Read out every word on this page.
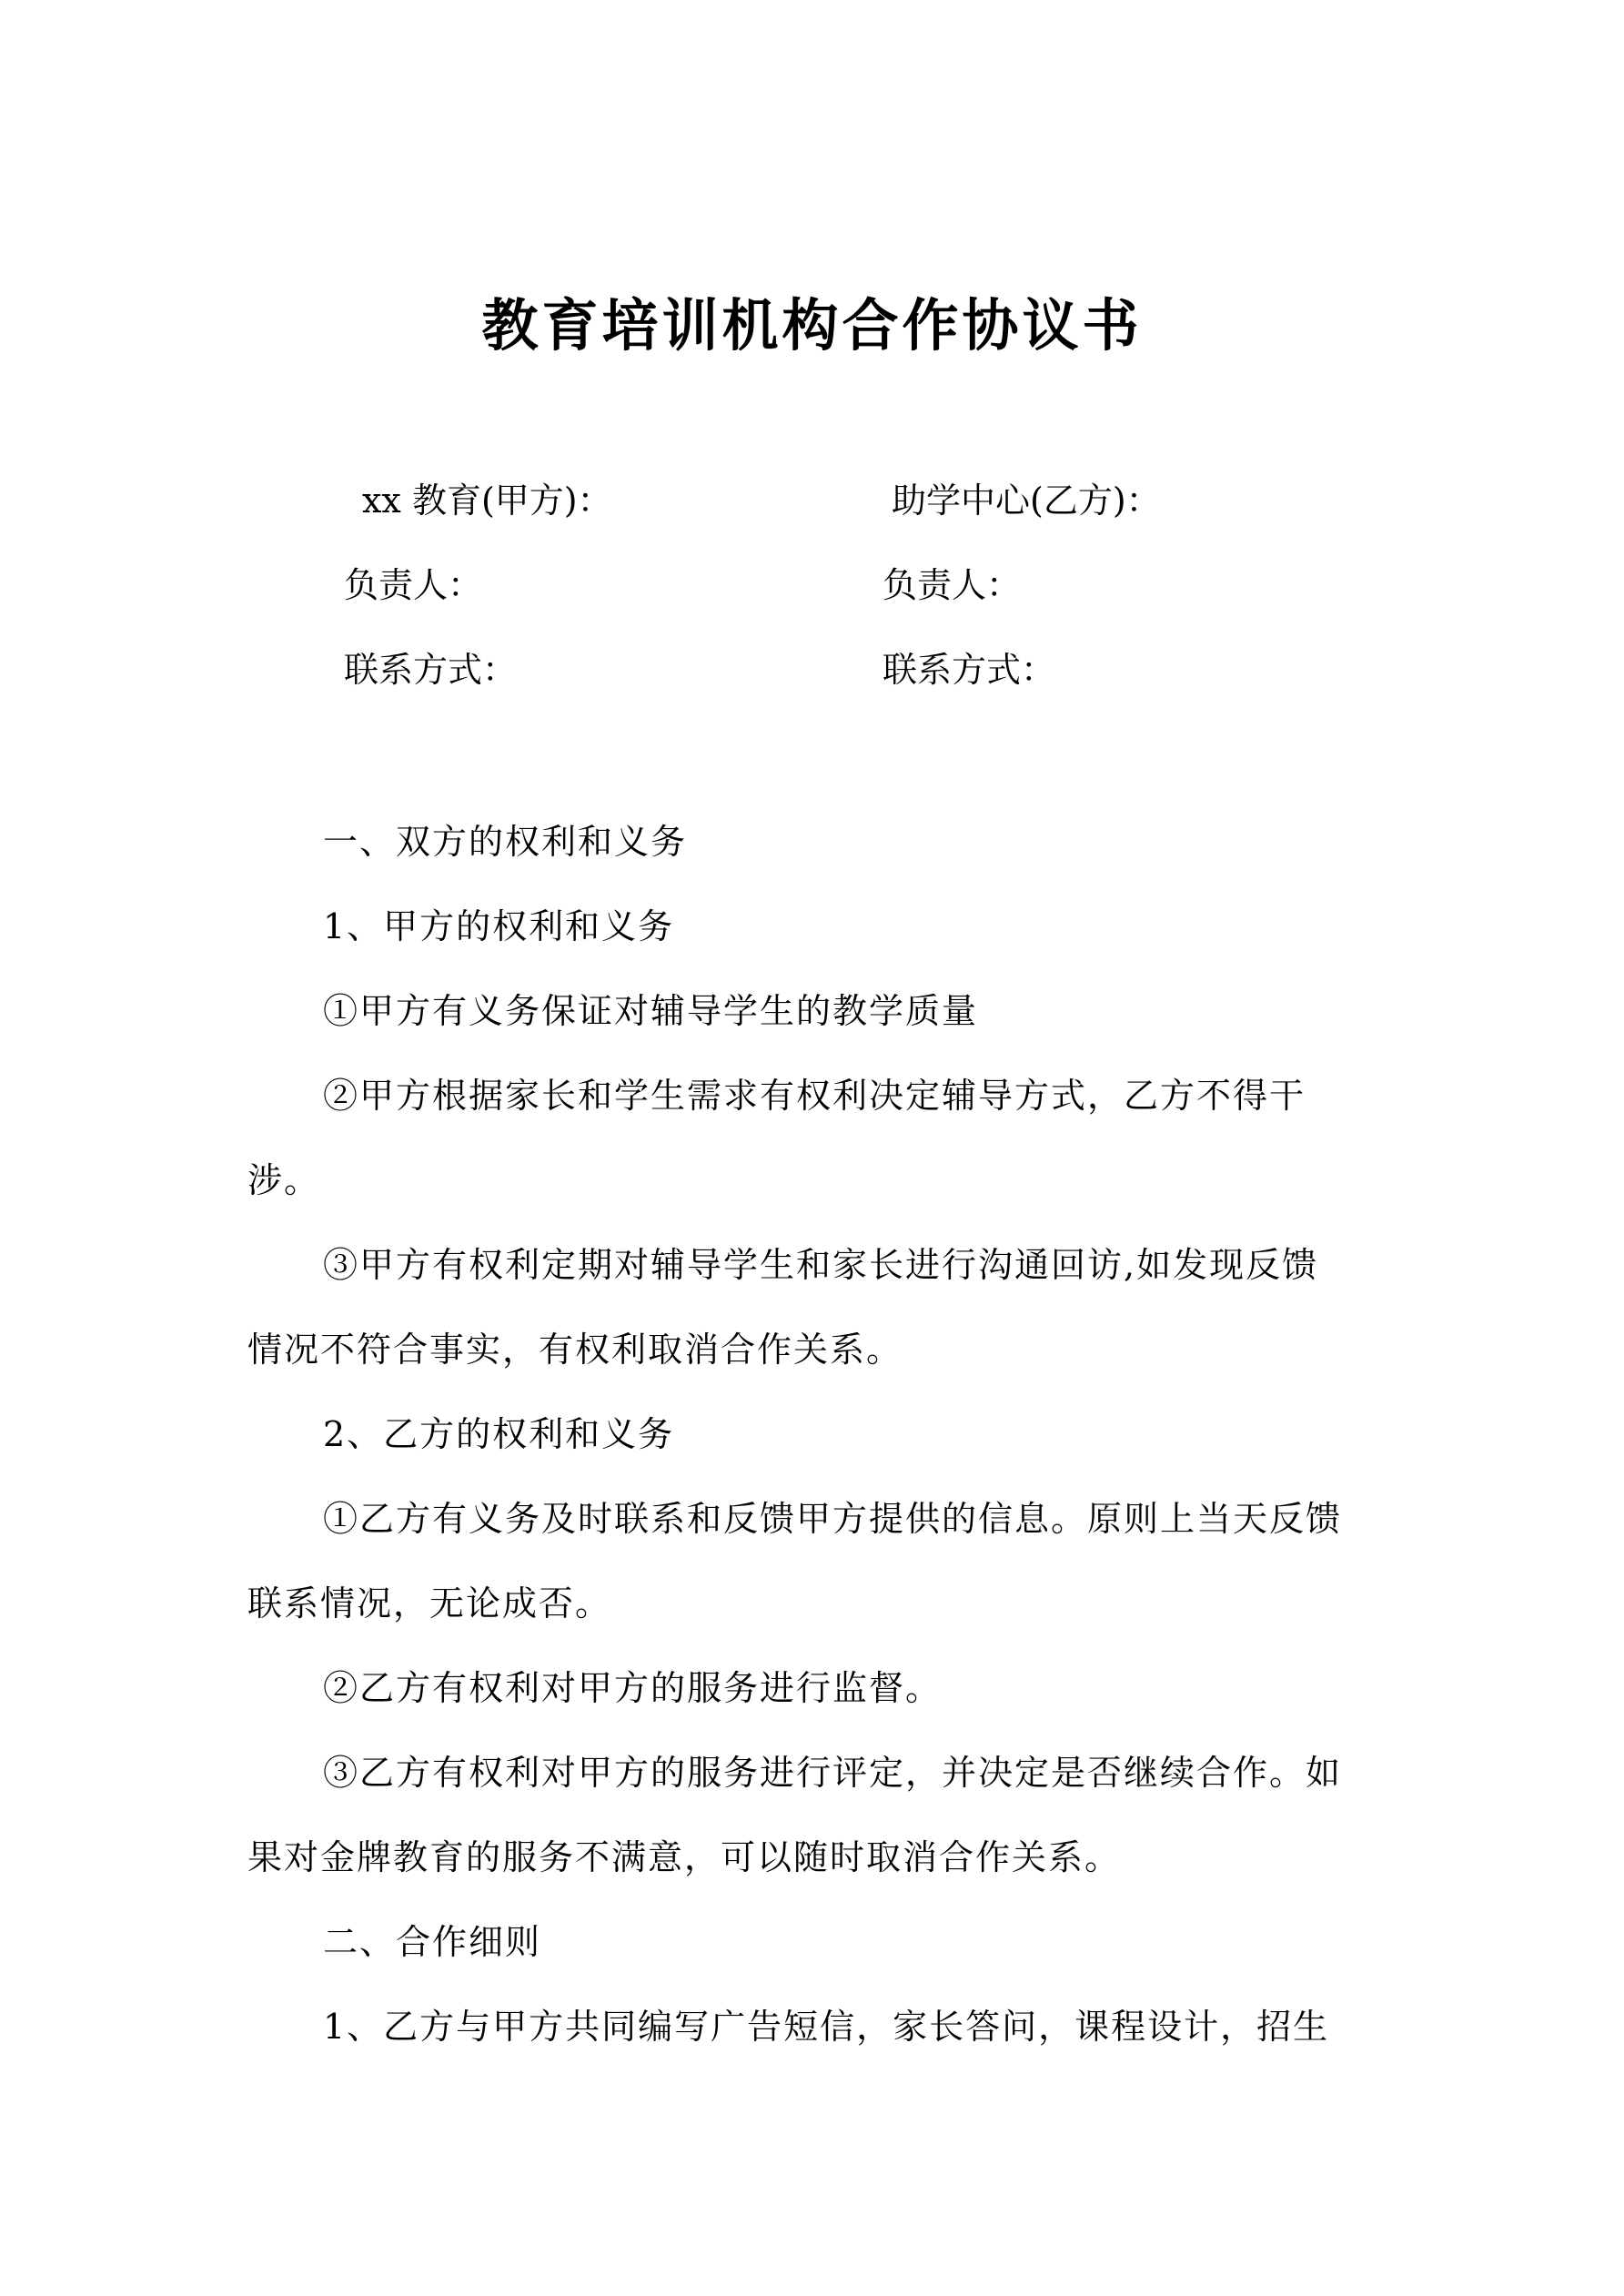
教育培训机构合作协议书
xx 教育(甲方)：	助学中心(乙方)：
负责人：	负责人：
联系方式：	联系方式：
一、双方的权利和义务
1、甲方的权利和义务
①甲方有义务保证对辅导学生的教学质量
②甲方根据家长和学生需求有权利决定辅导方式，乙方不得干
涉。
③甲方有权利定期对辅导学生和家长进行沟通回访,如发现反馈
情况不符合事实，有权利取消合作关系。
2、乙方的权利和义务
①乙方有义务及时联系和反馈甲方提供的信息。原则上当天反馈
联系情况，无论成否。
②乙方有权利对甲方的服务进行监督。
③乙方有权利对甲方的服务进行评定，并决定是否继续合作。如
果对金牌教育的服务不满意，可以随时取消合作关系。
二、合作细则
1、乙方与甲方共同编写广告短信，家长答问，课程设计，招生
